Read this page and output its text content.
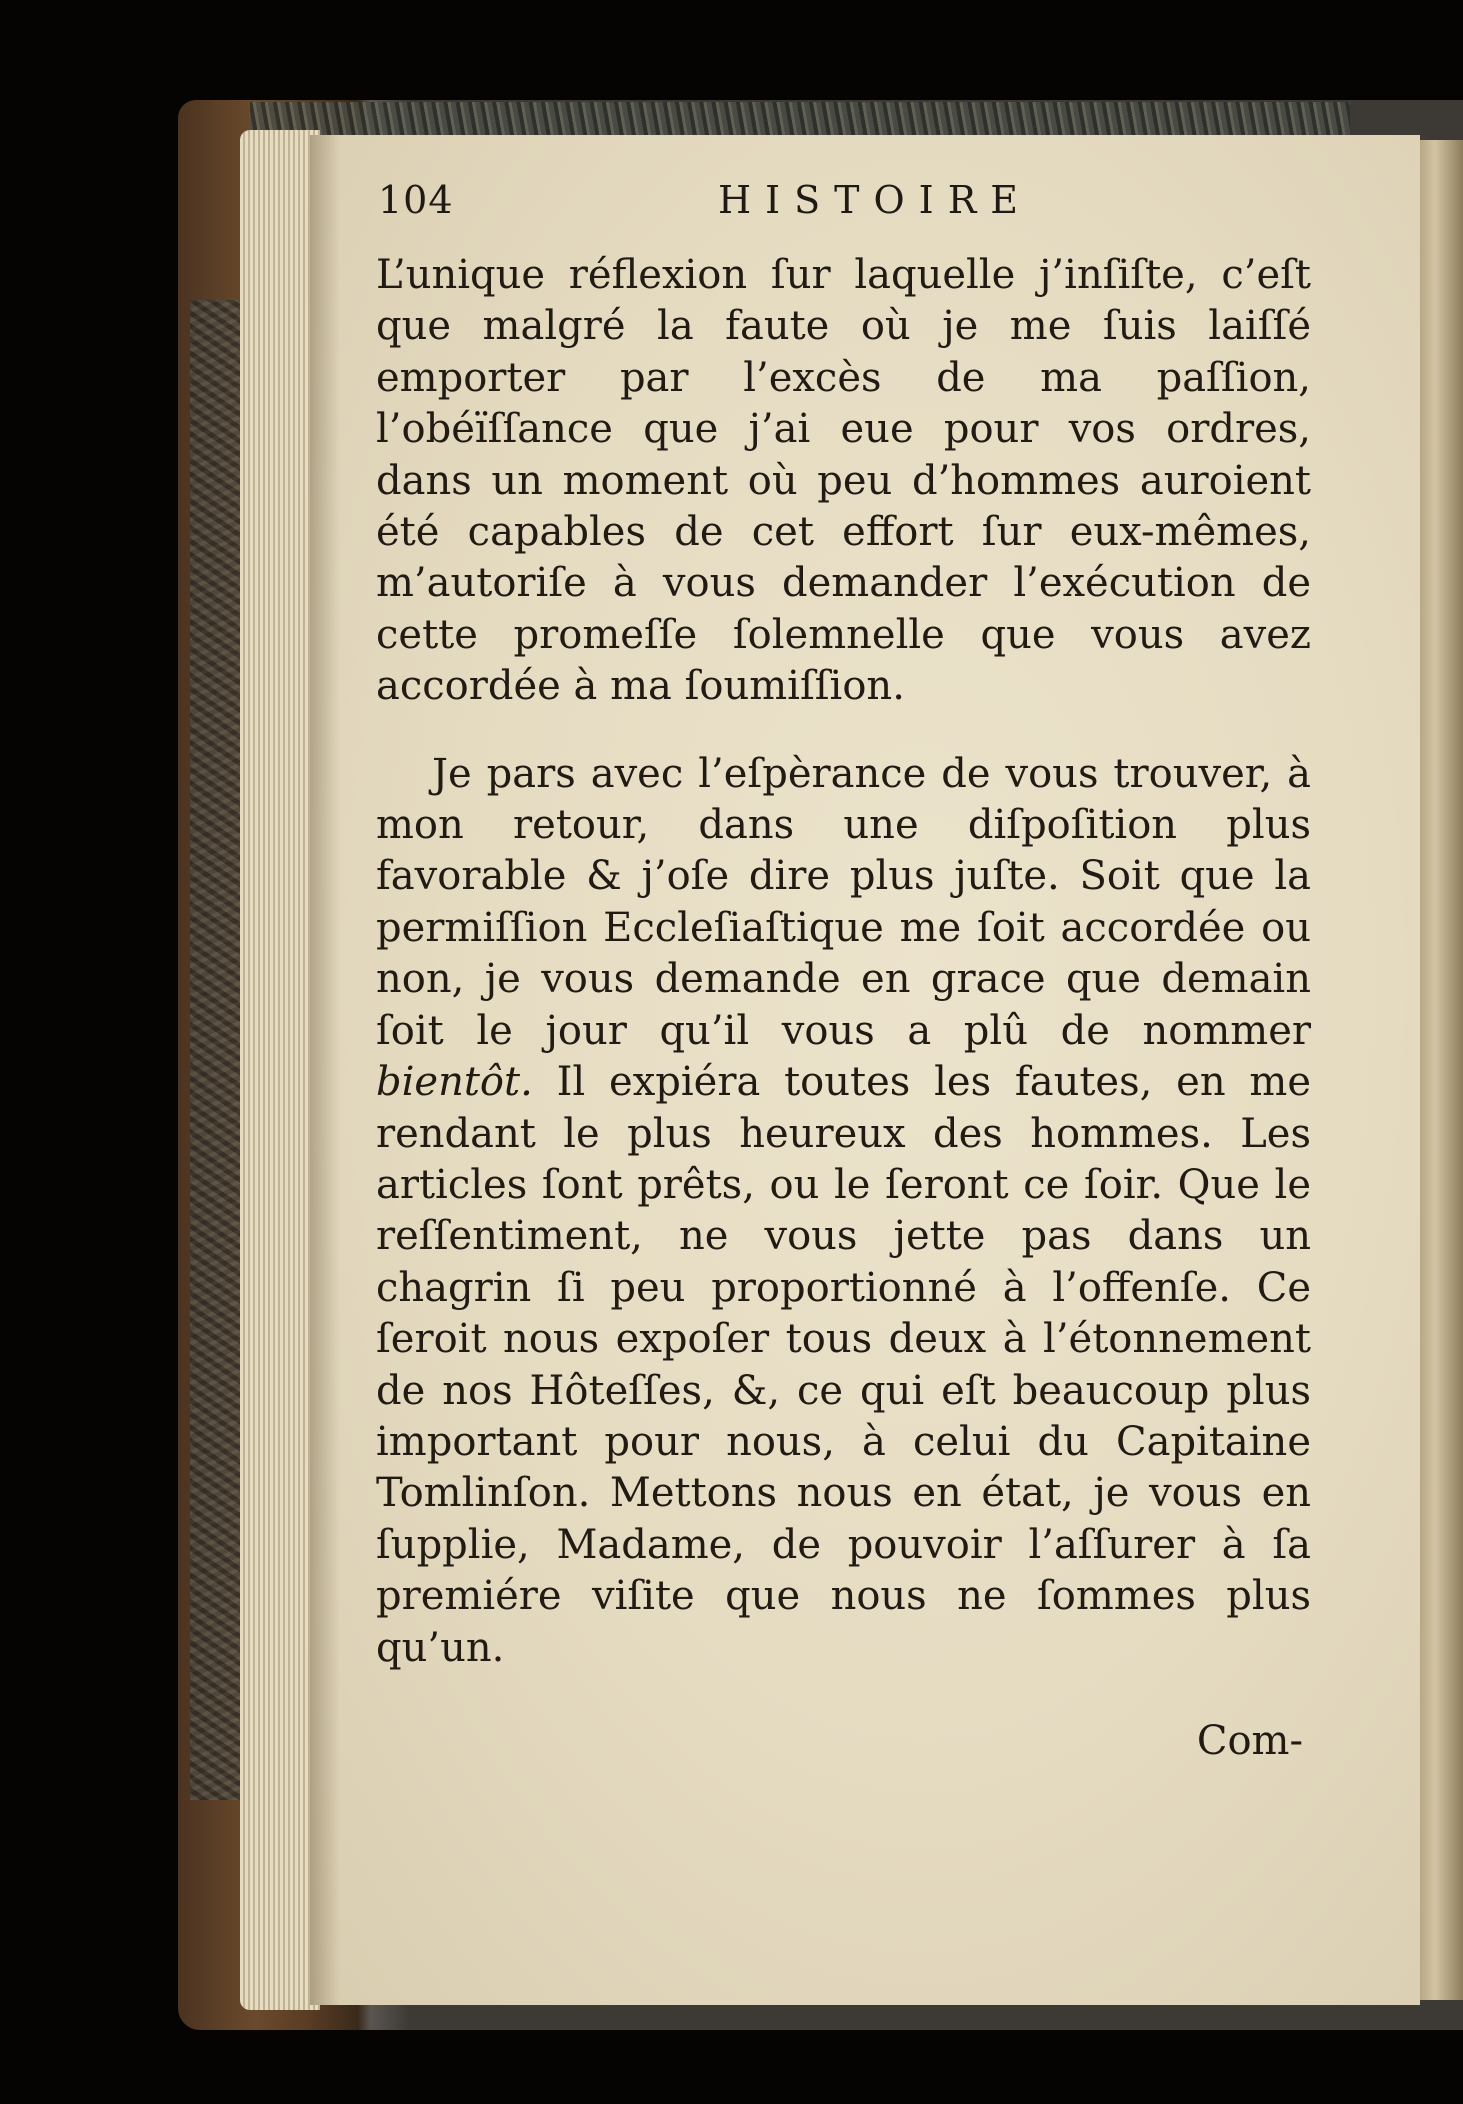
104	HISTOIRE

L’unique réflexion ſur laquelle j’inſiſte, c’eſt que malgré la faute où je me ſuis laiſſé emporter par l’excès de ma paſſion, l’obéïſſance que j’ai eue pour vos ordres, dans un moment où peu d’hommes auroient été capables de cet effort ſur eux-mêmes, m’autoriſe à vous demander l’exécution de cette promeſſe ſolemnelle que vous avez accordée à ma ſoumiſſion.

Je pars avec l’eſpèrance de vous trouver, à mon retour, dans une diſpoſition plus favorable & j’oſe dire plus juſte. Soit que la permiſſion Eccleſiaſtique me ſoit accordée ou non, je vous demande en grace que demain ſoit le jour qu’il vous a plû de nommer bientôt. Il expiéra toutes les fautes, en me rendant le plus heureux des hommes. Les articles ſont prêts, ou le ſeront ce ſoir. Que le reſſentiment, ne vous jette pas dans un chagrin ſi peu proportionné à l’offenſe. Ce ſeroit nous expoſer tous deux à l’étonnement de nos Hôteſſes, &, ce qui eſt beaucoup plus important pour nous, à celui du Capitaine Tomlinſon. Mettons nous en état, je vous en ſupplie, Madame, de pouvoir l’aſſurer à ſa premiére viſite que nous ne ſommes plus qu’un.

Com-
